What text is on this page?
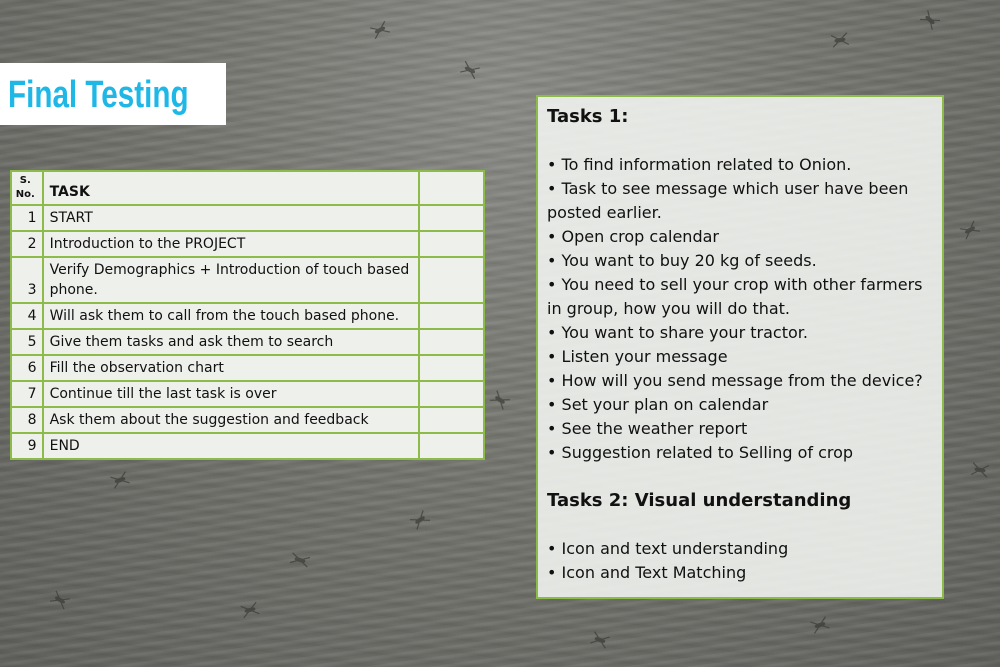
Final Testing
S. No.	TASK	
1	START	
2	Introduction to the PROJECT	
3	Verify Demographics + Introduction of touch based phone.	
4	Will ask them to call from the touch based phone.	
5	Give them tasks and ask them to search	
6	Fill the observation chart	
7	Continue till the last task is over	
8	Ask them about the suggestion and feedback	
9	END	
Tasks 1:
• To find information related to Onion.
• Task to see message which user have been posted earlier.
• Open crop calendar
• You want to buy 20 kg of seeds.
• You need to sell your crop with other farmers in group, how you will do that.
• You want to share your tractor.
• Listen your message
• How will you send message from the device?
• Set your plan on calendar
• See the weather report
• Suggestion related to Selling of crop
Tasks 2: Visual understanding
• Icon and text understanding
• Icon and Text Matching
